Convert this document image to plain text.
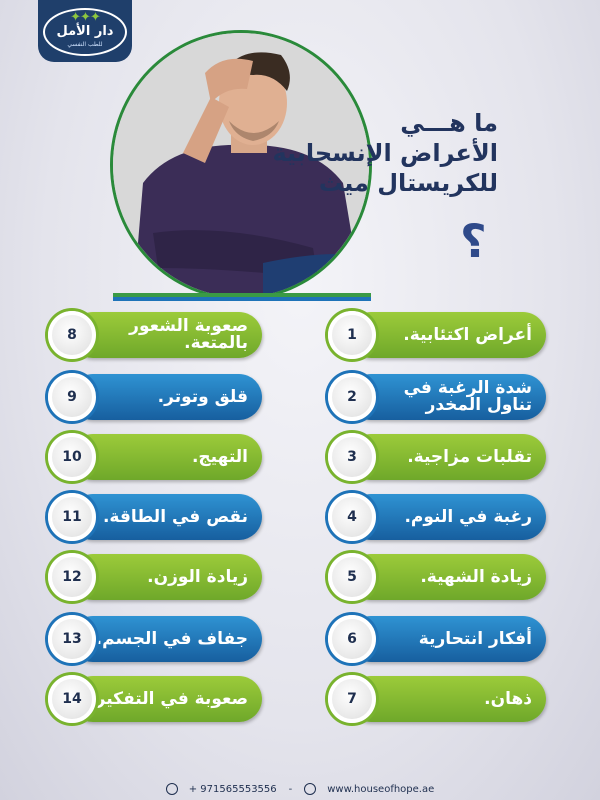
✦✦✦
دار الأمل
للطب النفسي
ما هـــي
الأعراض الإنسحابية
للكريستال ميث
؟
أعراض اكتئابية.
1
شدة الرغبة في
تناول المخدر
2
تقلبات مزاجية.
3
رغبة في النوم.
4
زيادة الشهية.
5
أفكار انتحارية
6
ذهان.
7
صعوبة الشعور
بالمتعة.
8
قلق وتوتر.
9
التهيج.
10
نقص في الطاقة.
11
زيادة الوزن.
12
جفاف في الجسم.
13
صعوبة في التفكير
14
+ 971565553556	-	www.houseofhope.ae
